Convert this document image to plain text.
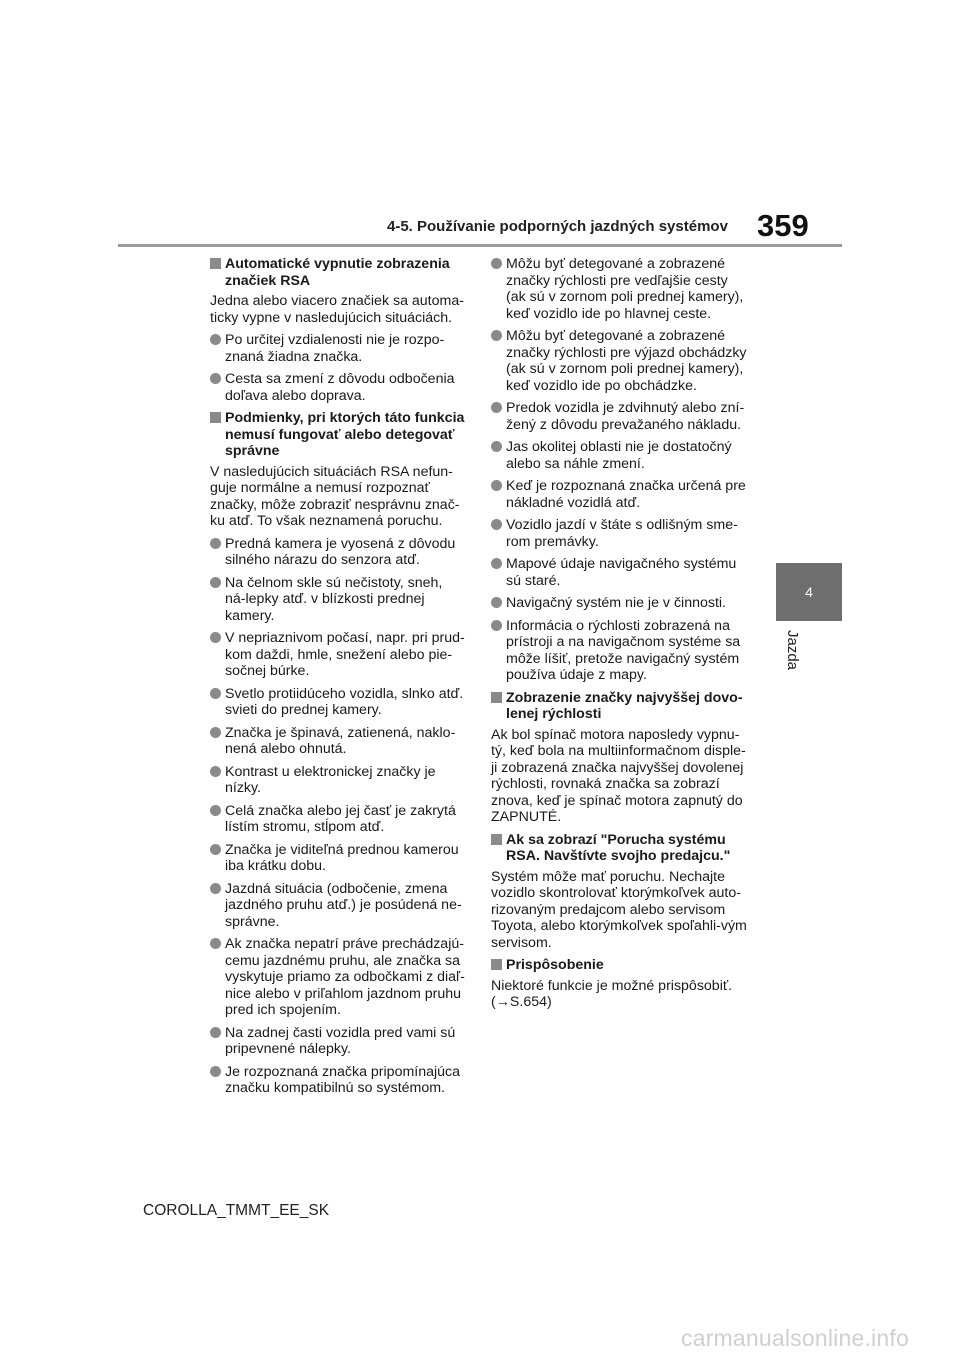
4-5. Používanie podporných jazdných systémov 359
4
Jazda
Automatické vypnutie zobrazenia značiek RSA
Jedna alebo viacero značiek sa automa-ticky vypne v nasledujúcich situáciách.
Po určitej vzdialenosti nie je rozpo-znaná žiadna značka.
Cesta sa zmení z dôvodu odbočenia doľava alebo doprava.
Podmienky, pri ktorých táto funkcia nemusí fungovať alebo detegovať správne
V nasledujúcich situáciách RSA nefun-guje normálne a nemusí rozpoznať značky, môže zobraziť nesprávnu znač-ku atď. To však neznamená poruchu.
Predná kamera je vyosená z dôvodu silného nárazu do senzora atď.
Na čelnom skle sú nečistoty, sneh, ná-lepky atď. v blízkosti prednej kamery.
V nepriaznivom počasí, napr. pri prud-kom daždi, hmle, snežení alebo pie-sočnej búrke.
Svetlo protiidúceho vozidla, slnko atď. svieti do prednej kamery.
Značka je špinavá, zatienená, naklo-nená alebo ohnutá.
Kontrast u elektronickej značky je nízky.
Celá značka alebo jej časť je zakrytá lístím stromu, stĺpom atď.
Značka je viditeľná prednou kamerou iba krátku dobu.
Jazdná situácia (odbočenie, zmena jazdného pruhu atď.) je posúdená ne-správne.
Ak značka nepatrí práve prechádzajú-cemu jazdnému pruhu, ale značka sa vyskytuje priamo za odbočkami z diaľ-nice alebo v priľahlom jazdnom pruhu pred ich spojením.
Na zadnej časti vozidla pred vami sú pripevnené nálepky.
Je rozpoznaná značka pripomínajúca značku kompatibilnú so systémom.
Môžu byť detegované a zobrazené značky rýchlosti pre vedľajšie cesty (ak sú v zornom poli prednej kamery), keď vozidlo ide po hlavnej ceste.
Môžu byť detegované a zobrazené značky rýchlosti pre výjazd obchádzky (ak sú v zornom poli prednej kamery), keď vozidlo ide po obchádzke.
Predok vozidla je zdvihnutý alebo zní-žený z dôvodu prevažaného nákladu.
Jas okolitej oblasti nie je dostatočný alebo sa náhle zmení.
Keď je rozpoznaná značka určená pre nákladné vozidlá atď.
Vozidlo jazdí v štáte s odlišným sme-rom premávky.
Mapové údaje navigačného systému sú staré.
Navigačný systém nie je v činnosti.
Informácia o rýchlosti zobrazená na prístroji a na navigačnom systéme sa môže líšiť, pretože navigačný systém používa údaje z mapy.
Zobrazenie značky najvyššej dovo-lenej rýchlosti
Ak bol spínač motora naposledy vypnu-tý, keď bola na multiinformačnom disple-ji zobrazená značka najvyššej dovolenej rýchlosti, rovnaká značka sa zobrazí znova, keď je spínač motora zapnutý do ZAPNUTÉ.
Ak sa zobrazí "Porucha systému RSA. Navštívte svojho predajcu."
Systém môže mať poruchu. Nechajte vozidlo skontrolovať ktorýmkoľvek auto-rizovaným predajcom alebo servisom Toyota, alebo ktorýmkoľvek spoľahli-vým servisom.
Prispôsobenie
Niektoré funkcie je možné prispôsobiť. (→S.654)
COROLLA_TMMT_EE_SK
carmanualsonline.info
